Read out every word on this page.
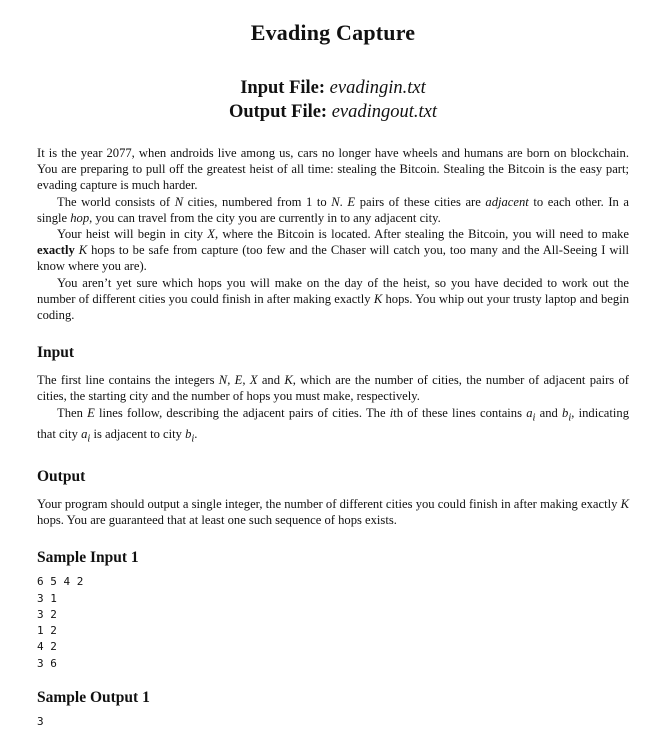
Evading Capture
Input File: evadingin.txt
Output File: evadingout.txt

It is the year 2077, when androids live among us, cars no longer have wheels and humans are born on blockchain. You are preparing to pull off the greatest heist of all time: stealing the Bitcoin. Stealing the Bitcoin is the easy part; evading capture is much harder.

The world consists of N cities, numbered from 1 to N. E pairs of these cities are adjacent to each other. In a single hop, you can travel from the city you are currently in to any adjacent city.

Your heist will begin in city X, where the Bitcoin is located. After stealing the Bitcoin, you will need to make exactly K hops to be safe from capture (too few and the Chaser will catch you, too many and the All-Seeing I will know where you are).

You aren’t yet sure which hops you will make on the day of the heist, so you have decided to work out the number of different cities you could finish in after making exactly K hops. You whip out your trusty laptop and begin coding.

Input

The first line contains the integers N, E, X and K, which are the number of cities, the number of adjacent pairs of cities, the starting city and the number of hops you must make, respectively.

Then E lines follow, describing the adjacent pairs of cities. The ith of these lines contains $a_i$ and $b_i$, indicating that city $a_i$ is adjacent to city $b_i$.

Output

Your program should output a single integer, the number of different cities you could finish in after making exactly K hops. You are guaranteed that at least one such sequence of hops exists.

Sample Input 1
6 5 4 2
3 1
3 2
1 2
4 2
3 6
Sample Output 1
3
